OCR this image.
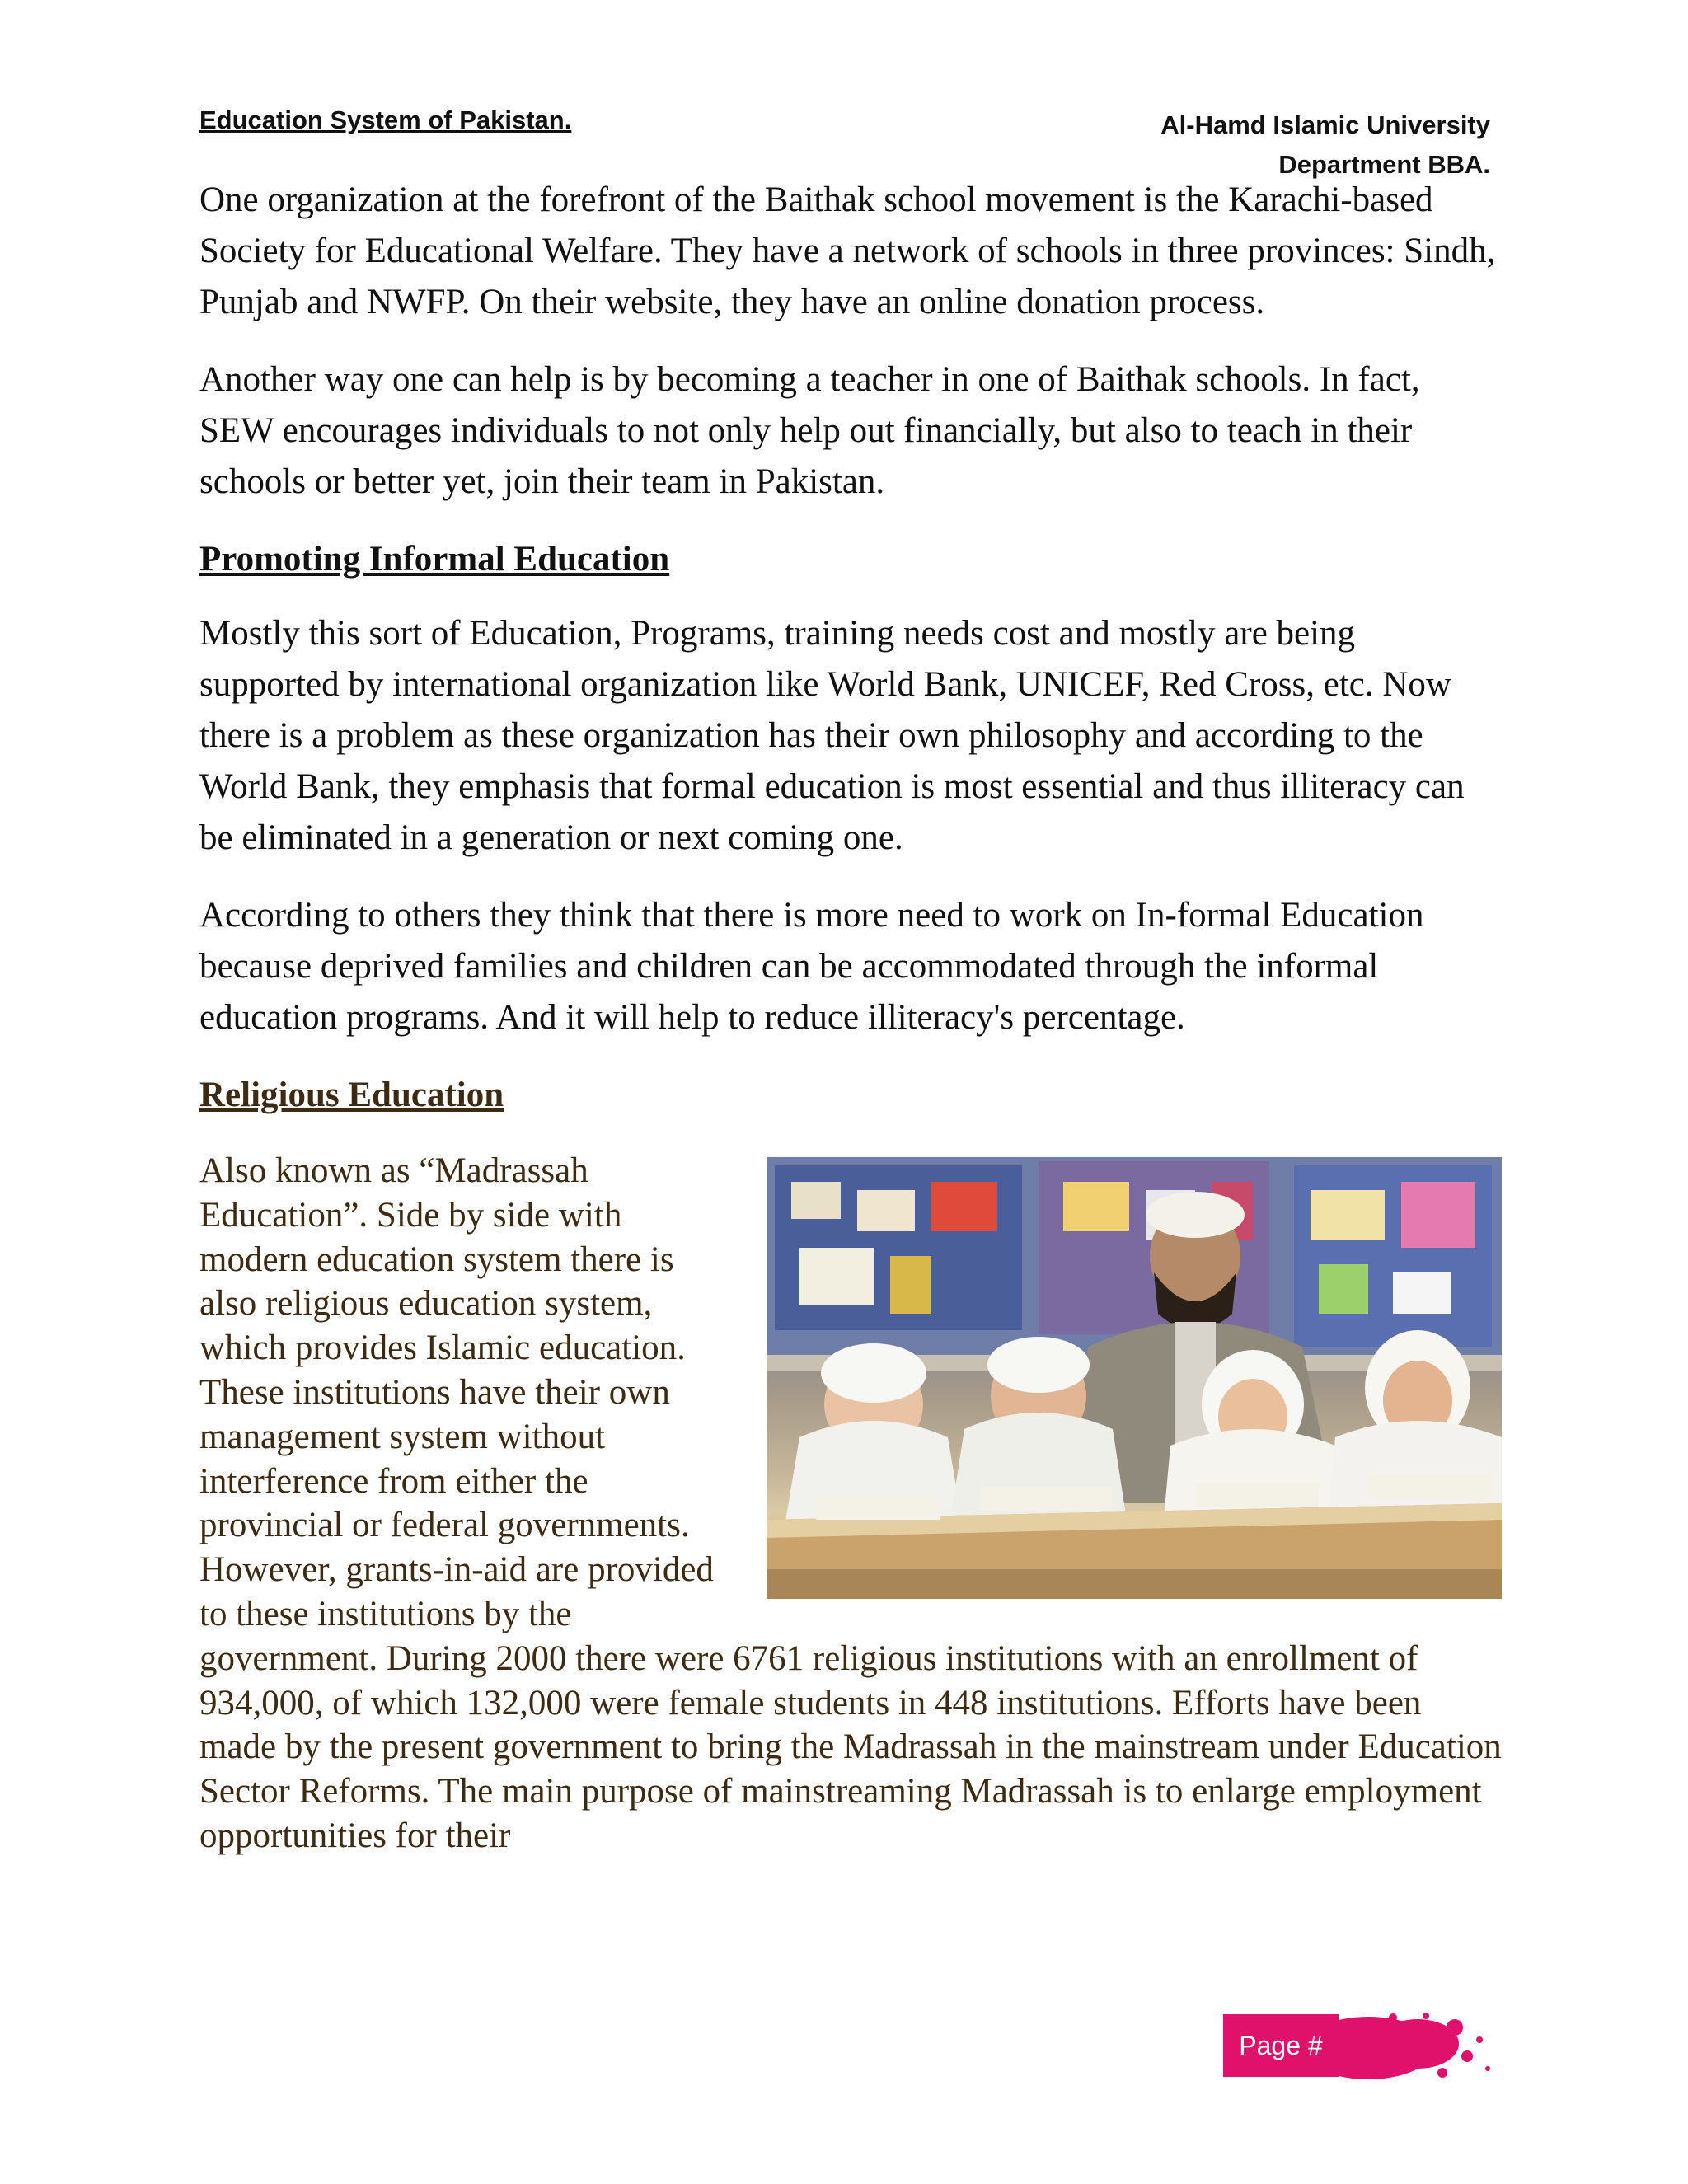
Education System of Pakistan.	Al-Hamd Islamic University
Department BBA.

One organization at the forefront of the Baithak school movement is the Karachi-based Society for Educational Welfare. They have a network of schools in three provinces: Sindh, Punjab and NWFP. On their website, they have an online donation process.

Another way one can help is by becoming a teacher in one of Baithak schools. In fact, SEW encourages individuals to not only help out financially, but also to teach in their schools or better yet, join their team in Pakistan.

Promoting Informal Education

Mostly this sort of Education, Programs, training needs cost and mostly are being supported by international organization like World Bank, UNICEF, Red Cross, etc. Now there is a problem as these organization has their own philosophy and according to the World Bank, they emphasis that formal education is most essential and thus illiteracy can be eliminated in a generation or next coming one.

According to others they think that there is more need to work on In-formal Education because deprived families and children can be accommodated through the informal education programs. And it will help to reduce illiteracy's percentage.

Religious Education
Also known as “Madrassah Education”. Side by side with modern education system there is also religious education system, which provides Islamic education. These institutions have their own management system without interference from either the provincial or federal governments. However, grants-in-aid are provided to these institutions by the government. During 2000 there were 6761 religious institutions with an enrollment of 934,000, of which 132,000 were female students in 448 institutions. Efforts have been made by the present government to bring the Madrassah in the mainstream under Education Sector Reforms. The main purpose of mainstreaming Madrassah is to enlarge employment opportunities for their
Page # 11
